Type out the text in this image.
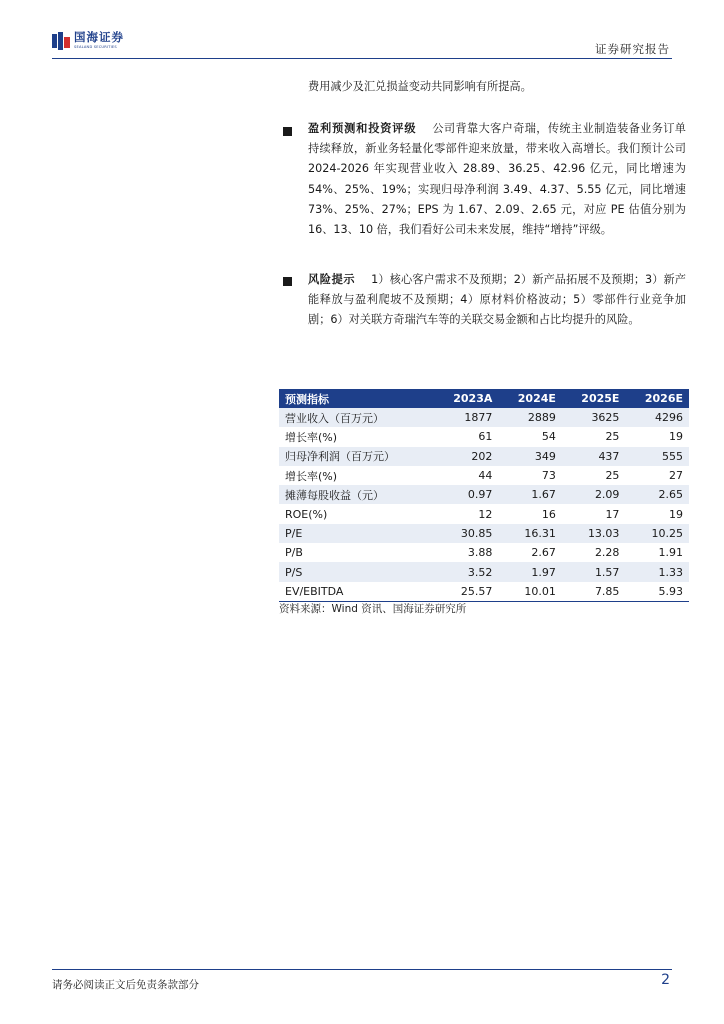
国海证券
SEALAND SECURITIES	证券研究报告
费用减少及汇兑损益变动共同影响有所提高。
盈利预测和投资评级 公司背靠大客户奇瑞，传统主业制造装备业务订单持续释放，新业务轻量化零部件迎来放量，带来收入高增长。我们预计公司 2024-2026 年实现营业收入 28.89、36.25、42.96 亿元，同比增速为 54%、25%、19%；实现归母净利润 3.49、4.37、5.55 亿元，同比增速 73%、25%、27%；EPS 为 1.67、2.09、2.65 元，对应 PE 估值分别为 16、13、10 倍，我们看好公司未来发展，维持“增持”评级。
风险提示 1）核心客户需求不及预期；2）新产品拓展不及预期；3）新产能释放与盈利爬坡不及预期；4）原材料价格波动；5）零部件行业竞争加剧；6）对关联方奇瑞汽车等的关联交易金额和占比均提升的风险。
预测指标	2023A	2024E	2025E	2026E
营业收入（百万元）	1877	2889	3625	4296
增长率(%)	61	54	25	19
归母净利润（百万元）	202	349	437	555
增长率(%)	44	73	25	27
摊薄每股收益（元）	0.97	1.67	2.09	2.65
ROE(%)	12	16	17	19
P/E	30.85	16.31	13.03	10.25
P/B	3.88	2.67	2.28	1.91
P/S	3.52	1.97	1.57	1.33
EV/EBITDA	25.57	10.01	7.85	5.93
资料来源：Wind 资讯、国海证券研究所
请务必阅读正文后免责条款部分	2
